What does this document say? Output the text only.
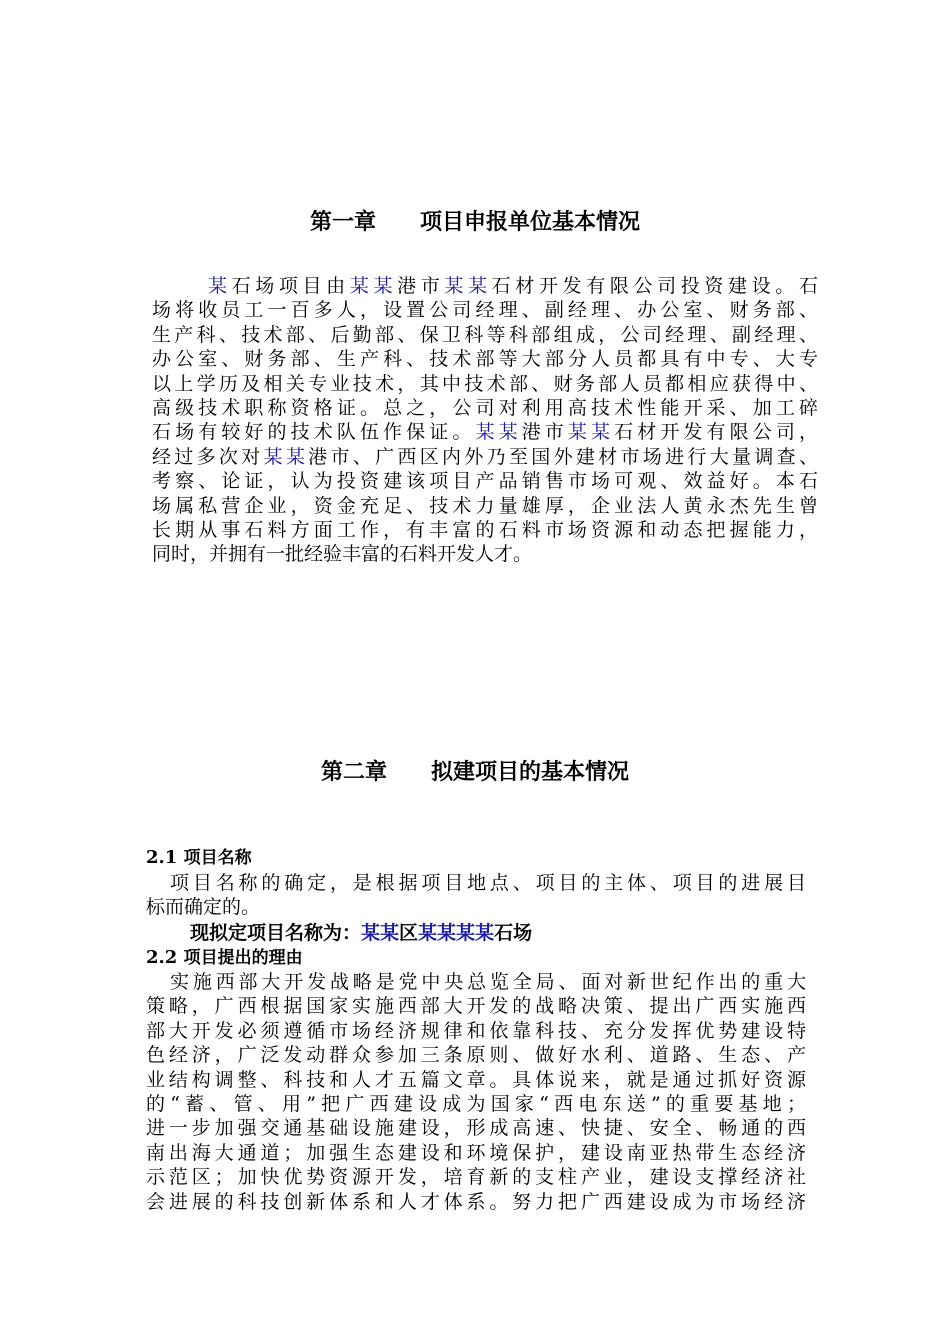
第一章　　项目申报单位基本情况
某石场项目由某某港市某某石材开发有限公司投资建设。石
场将收员工一百多人，设置公司经理、副经理、办公室、财务部、
生产科、技术部、后勤部、保卫科等科部组成，公司经理、副经理、
办公室、财务部、生产科、技术部等大部分人员都具有中专、大专
以上学历及相关专业技术，其中技术部、财务部人员都相应获得中、
高级技术职称资格证。总之，公司对利用高技术性能开采、加工碎
石场有较好的技术队伍作保证。某某港市某某石材开发有限公司，
经过多次对某某港市、广西区内外乃至国外建材市场进行大量调查、
考察、论证，认为投资建该项目产品销售市场可观、效益好。本石
场属私营企业，资金充足、技术力量雄厚，企业法人黄永杰先生曾
长期从事石料方面工作，有丰富的石料市场资源和动态把握能力，
同时，并拥有一批经验丰富的石料开发人才。
第二章　　拟建项目的基本情况
2.1 项目名称
项目名称的确定，是根据项目地点、项目的主体、项目的进展目
标而确定的。
现拟定项目名称为：某某区某某某某石场
2.2 项目提出的理由
实施西部大开发战略是党中央总览全局、面对新世纪作出的重大
策略，广西根据国家实施西部大开发的战略决策、提出广西实施西
部大开发必须遵循市场经济规律和依靠科技、充分发挥优势建设特
色经济，广泛发动群众参加三条原则、做好水利、道路、生态、产
业结构调整、科技和人才五篇文章。具体说来，就是通过抓好资源
的“蓄、管、用”把广西建设成为国家“西电东送”的重要基地；
进一步加强交通基础设施建设，形成高速、快捷、安全、畅通的西
南出海大通道；加强生态建设和环境保护，建设南亚热带生态经济
示范区；加快优势资源开发，培育新的支柱产业，建设支撑经济社
会进展的科技创新体系和人才体系。努力把广西建设成为市场经济
